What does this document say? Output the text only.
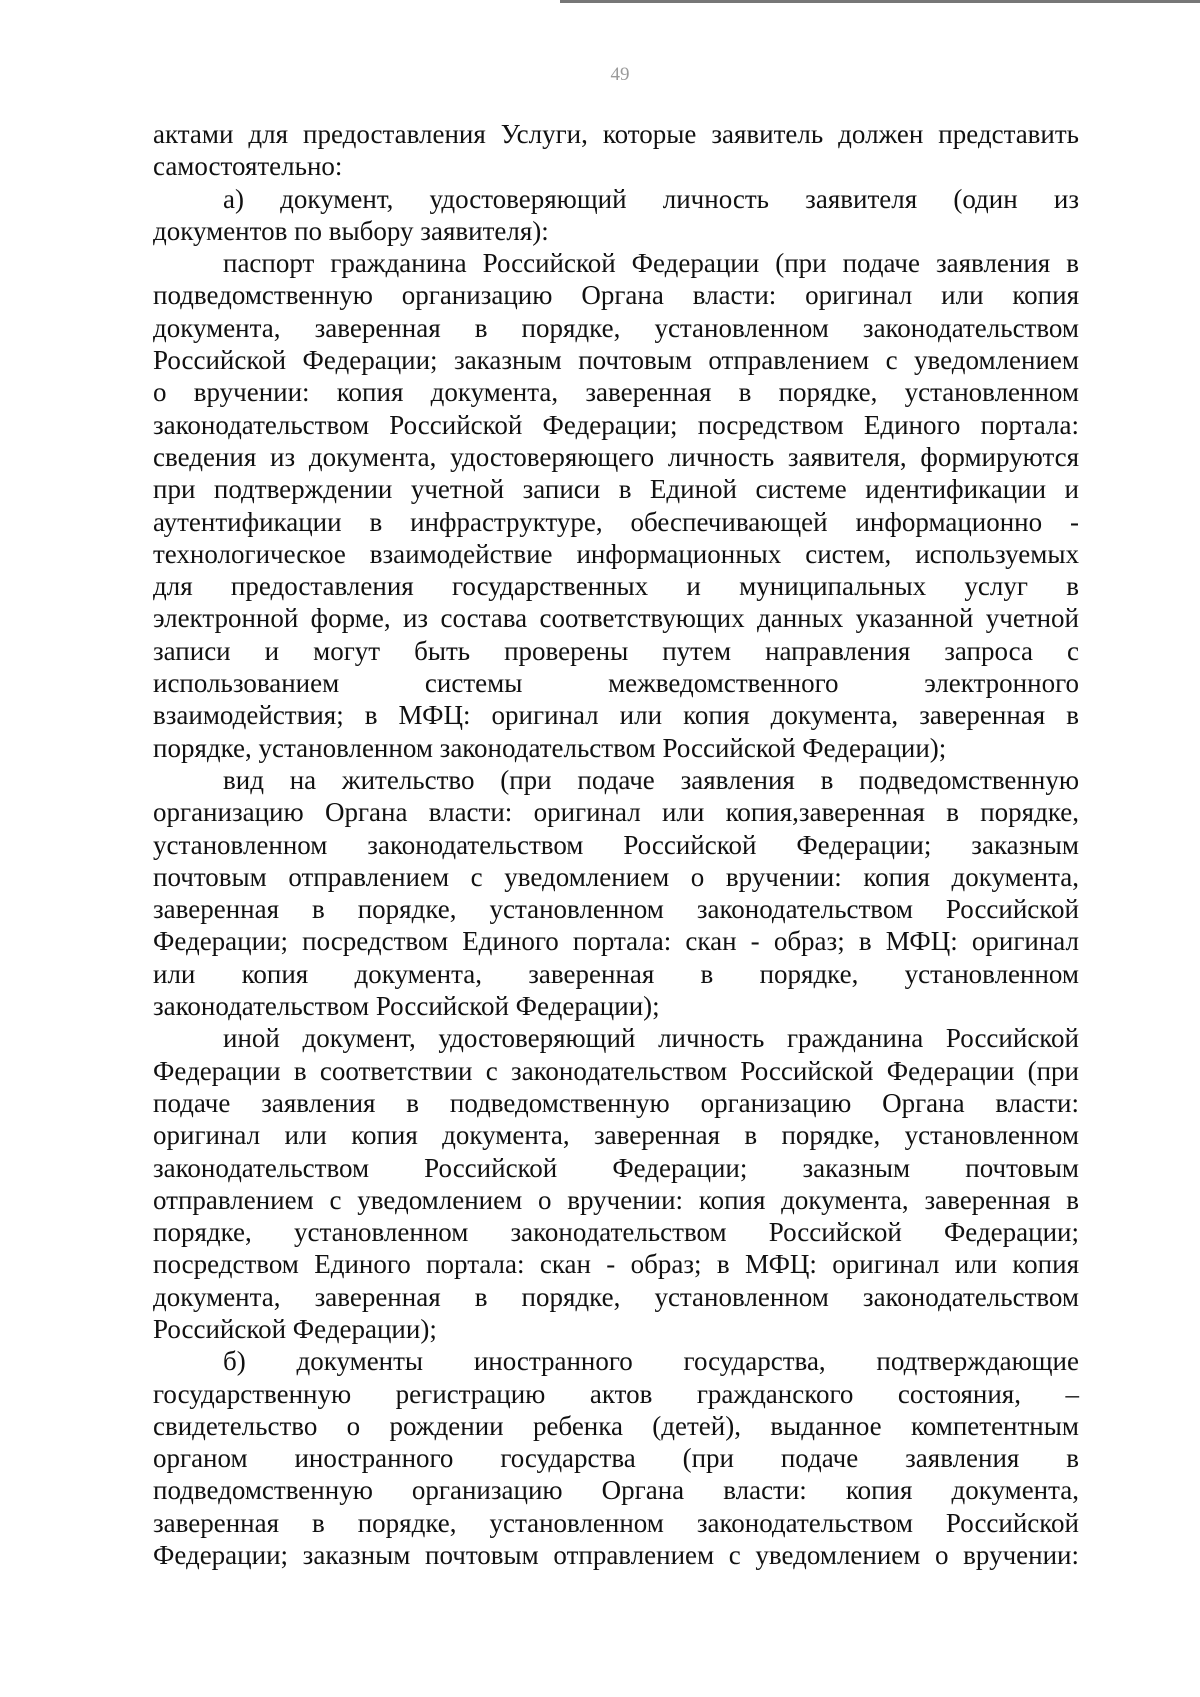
49
актами для предоставления Услуги, которые заявитель должен представить
самостоятельно:
а) документ, удостоверяющий личность заявителя (один из
документов по выбору заявителя):
паспорт гражданина Российской Федерации (при подаче заявления в
подведомственную организацию Органа власти: оригинал или копия
документа, заверенная в порядке, установленном законодательством
Российской Федерации; заказным почтовым отправлением с уведомлением
о вручении: копия документа, заверенная в порядке, установленном
законодательством Российской Федерации; посредством Единого портала:
сведения из документа, удостоверяющего личность заявителя, формируются
при подтверждении учетной записи в Единой системе идентификации и
аутентификации в инфраструктуре, обеспечивающей информационно -
технологическое взаимодействие информационных систем, используемых
для предоставления государственных и муниципальных услуг в
электронной форме, из состава соответствующих данных указанной учетной
записи и могут быть проверены путем направления запроса с
использованием системы межведомственного электронного
взаимодействия; в МФЦ: оригинал или копия документа, заверенная в
порядке, установленном законодательством Российской Федерации);
вид на жительство (при подаче заявления в подведомственную
организацию Органа власти: оригинал или копия,заверенная в порядке,
установленном законодательством Российской Федерации; заказным
почтовым отправлением с уведомлением о вручении: копия документа,
заверенная в порядке, установленном законодательством Российской
Федерации; посредством Единого портала: скан - образ; в МФЦ: оригинал
или копия документа, заверенная в порядке, установленном
законодательством Российской Федерации);
иной документ, удостоверяющий личность гражданина Российской
Федерации в соответствии с законодательством Российской Федерации (при
подаче заявления в подведомственную организацию Органа власти:
оригинал или копия документа, заверенная в порядке, установленном
законодательством Российской Федерации; заказным почтовым
отправлением с уведомлением о вручении: копия документа, заверенная в
порядке, установленном законодательством Российской Федерации;
посредством Единого портала: скан - образ; в МФЦ: оригинал или копия
документа, заверенная в порядке, установленном законодательством
Российской Федерации);
б) документы иностранного государства, подтверждающие
государственную регистрацию актов гражданского состояния, –
свидетельство о рождении ребенка (детей), выданное компетентным
органом иностранного государства (при подаче заявления в
подведомственную организацию Органа власти: копия документа,
заверенная в порядке, установленном законодательством Российской
Федерации; заказным почтовым отправлением с уведомлением о вручении:
